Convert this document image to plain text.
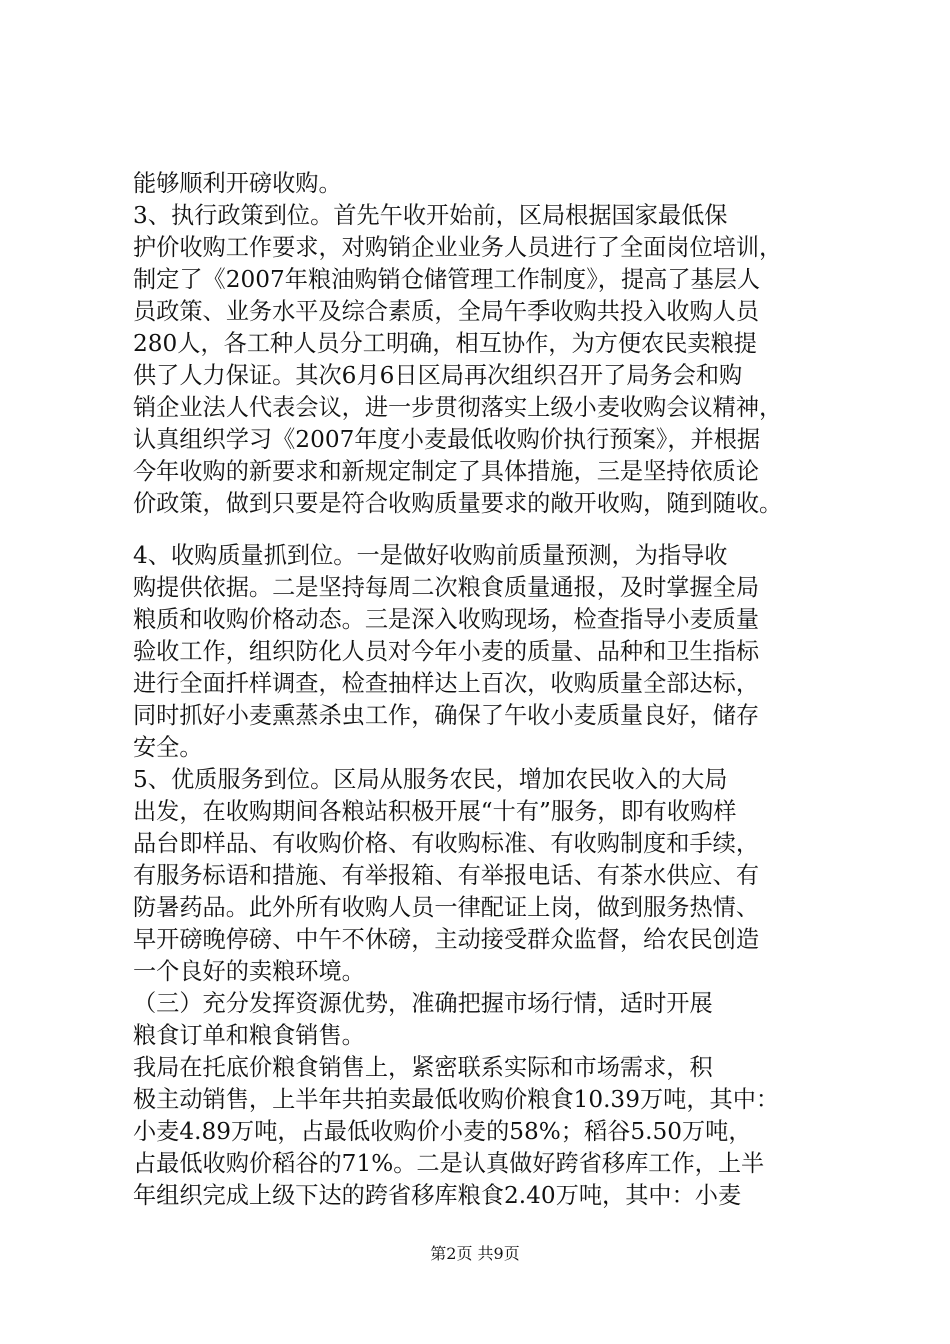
能够顺利开磅收购。
3、执行政策到位。首先午收开始前，区局根据国家最低保
护价收购工作要求，对购销企业业务人员进行了全面岗位培训，
制定了《2007年粮油购销仓储管理工作制度》，提高了基层人
员政策、业务水平及综合素质，全局午季收购共投入收购人员
280人，各工种人员分工明确，相互协作，为方便农民卖粮提
供了人力保证。其次6月6日区局再次组织召开了局务会和购
销企业法人代表会议，进一步贯彻落实上级小麦收购会议精神，
认真组织学习《2007年度小麦最低收购价执行预案》，并根据
今年收购的新要求和新规定制定了具体措施，三是坚持依质论
价政策，做到只要是符合收购质量要求的敞开收购，随到随收。
4、收购质量抓到位。一是做好收购前质量预测，为指导收
购提供依据。二是坚持每周二次粮食质量通报，及时掌握全局
粮质和收购价格动态。三是深入收购现场，检查指导小麦质量
验收工作，组织防化人员对今年小麦的质量、品种和卫生指标
进行全面扦样调查，检查抽样达上百次，收购质量全部达标，
同时抓好小麦熏蒸杀虫工作，确保了午收小麦质量良好，储存
安全。
5、优质服务到位。区局从服务农民，增加农民收入的大局
出发，在收购期间各粮站积极开展“十有”服务，即有收购样
品台即样品、有收购价格、有收购标准、有收购制度和手续，
有服务标语和措施、有举报箱、有举报电话、有茶水供应、有
防暑药品。此外所有收购人员一律配证上岗，做到服务热情、
早开磅晚停磅、中午不休磅，主动接受群众监督，给农民创造
一个良好的卖粮环境。
（三）充分发挥资源优势，准确把握市场行情，适时开展
粮食订单和粮食销售。
我局在托底价粮食销售上，紧密联系实际和市场需求，积
极主动销售，上半年共拍卖最低收购价粮食10.39万吨，其中：
小麦4.89万吨，占最低收购价小麦的58%；稻谷5.50万吨，
占最低收购价稻谷的71%。二是认真做好跨省移库工作，上半
年组织完成上级下达的跨省移库粮食2.40万吨，其中：小麦
第2页 共9页
